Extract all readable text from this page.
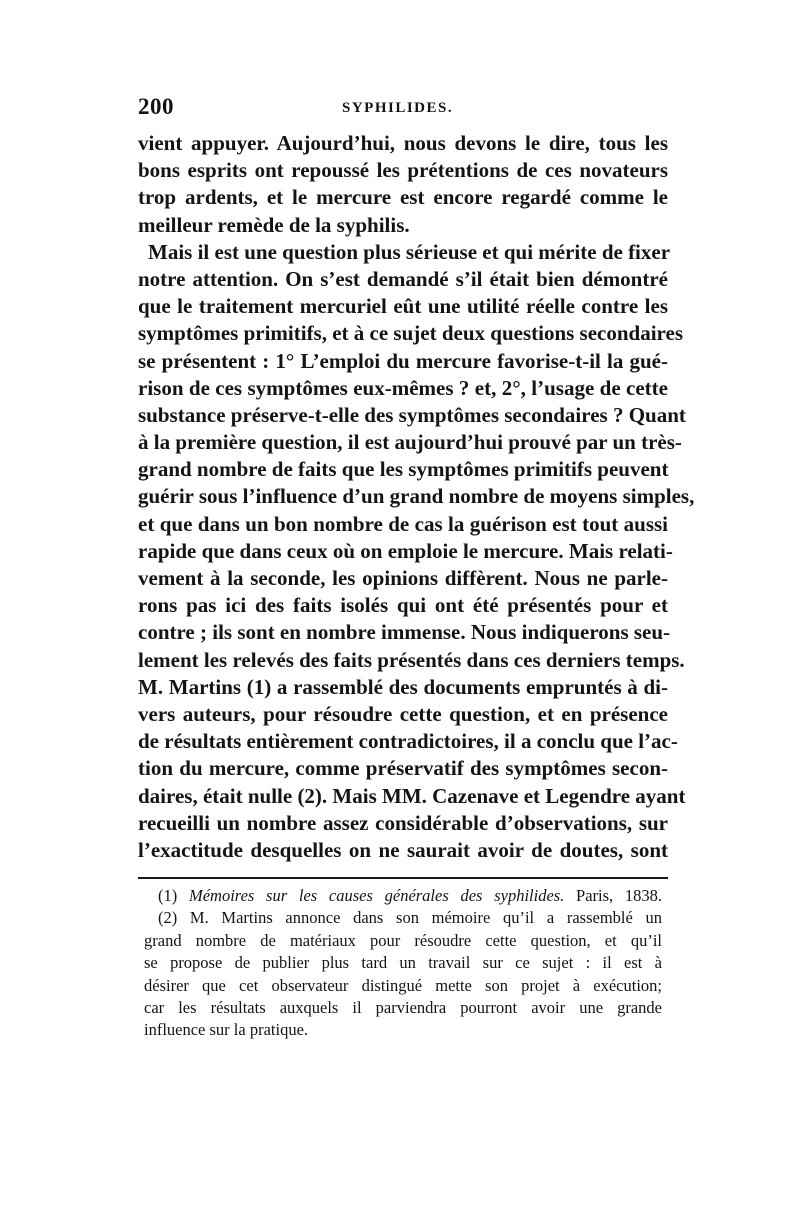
200	SYPHILIDES.
vient appuyer. Aujourd’hui, nous devons le dire, tous les
bons esprits ont repoussé les prétentions de ces novateurs
trop ardents, et le mercure est encore regardé comme le
meilleur remède de la syphilis.
Mais il est une question plus sérieuse et qui mérite de fixer
notre attention. On s’est demandé s’il était bien démontré
que le traitement mercuriel eût une utilité réelle contre les
symptômes primitifs, et à ce sujet deux questions secondaires
se présentent : 1° L’emploi du mercure favorise-t-il la gué-
rison de ces symptômes eux-mêmes ? et, 2°, l’usage de cette
substance préserve-t-elle des symptômes secondaires ? Quant
à la première question, il est aujourd’hui prouvé par un très-
grand nombre de faits que les symptômes primitifs peuvent
guérir sous l’influence d’un grand nombre de moyens simples,
et que dans un bon nombre de cas la guérison est tout aussi
rapide que dans ceux où on emploie le mercure. Mais relati-
vement à la seconde, les opinions diffèrent. Nous ne parle-
rons pas ici des faits isolés qui ont été présentés pour et
contre ; ils sont en nombre immense. Nous indiquerons seu-
lement les relevés des faits présentés dans ces derniers temps.
M. Martins (1) a rassemblé des documents empruntés à di-
vers auteurs, pour résoudre cette question, et en présence
de résultats entièrement contradictoires, il a conclu que l’ac-
tion du mercure, comme préservatif des symptômes secon-
daires, était nulle (2). Mais MM. Cazenave et Legendre ayant
recueilli un nombre assez considérable d’observations, sur
l’exactitude desquelles on ne saurait avoir de doutes, sont
(1) Mémoires sur les causes générales des syphilides. Paris, 1838.
(2) M. Martins annonce dans son mémoire qu’il a rassemblé un
grand nombre de matériaux pour résoudre cette question, et qu’il
se propose de publier plus tard un travail sur ce sujet : il est à
désirer que cet observateur distingué mette son projet à exécution;
car les résultats auxquels il parviendra pourront avoir une grande
influence sur la pratique.
